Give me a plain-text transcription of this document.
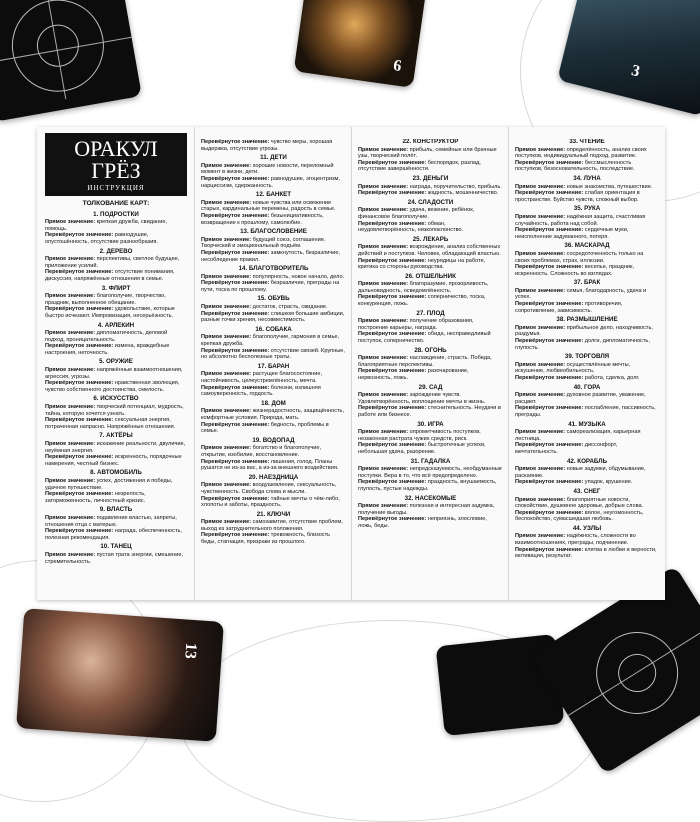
6	3
13
ОРАКУЛ ГРЁЗ
ИНСТРУКЦИЯ
ТОЛКОВАНИЕ КАРТ:
1. ПОДРОСТКИ
Прямое значение: крепкая дружба, свидание, помощь.
Перевёрнутое значение: равнодушие, опустошённость, отсутствие разнообразия.
2. ДЕРЕВО
Прямое значение: перспективы, светлое будущее, приложение усилий.
Перевёрнутое значение: отсутствие понимания, дискуссия, напряжённые отношения в семье.
3. ФЛИРТ
Прямое значение: благополучие, творчество, праздник, выполненное обещание.
Перевёрнутое значение: удовольствие, которые быстро исчезают. Импровизация, несерьёзность.
4. АРЛЕКИН
Прямое значение: дипломатичность, деловой подход, проницательность.
Перевёрнутое значение: измена, враждебные настроения, неточность.
5. ОРУЖИЕ
Прямое значение: напряжённые взаимоотношения, агрессия, угрозы.
Перевёрнутое значение: нравственная эволюция, чувство собственного достоинства, смелость.
6. ИСКУССТВО
Прямое значение: творческий потенциал, мудрость, тайна, которую хочется узнать.
Перевёрнутое значение: сексуальная энергия, потраченная напрасно. Напряжённые отношения.
7. АКТЁРЫ
Прямое значение: искажение реальности, двуличие, неуёмная энергия.
Перевёрнутое значение: искренность, порядочные намерения, честный бизнес.
8. АВТОМОБИЛЬ
Прямое значение: успех, достижения и победы, удачное путешествие.
Перевёрнутое значение: незрелость, заторможенность, личностный кризис.
9. ВЛАСТЬ
Прямое значение: подавление властью, запреты, отношения отца с матерью.
Перевёрнутое значение: награда, обеспеченность, полезная рекомендация.
10. ТАНЕЦ
Прямое значение: пустая трата энергии, смешение, стремительность.
Перевёрнутое значение: чувство меры, хорошая выдержка, отсутствие угрозы.
11. ДЕТИ
Прямое значение: хорошие новости, переломный момент в жизни, дети.
Перевёрнутое значение: равнодушие, эгоцентризм, нарциссизм, сдержанность.
12. БАНКЕТ
Прямое значение: новые чувства или освежение старых, кардинальные перемены, радость в семье.
Перевёрнутое значение: безынициативность, возвращение к прошлому, самолюбие.
13. БЛАГОСЛОВЕНИЕ
Прямое значение: будущий союз, соглашение. Творческий и эмоциональный подъём.
Перевёрнутое значение: замкнутость, безразличие, несобледение правил.
14. БЛАГОТВОРИТЕЛЬ
Прямое значение: популярность, новое начало, дело.
Перевёрнутое значение: безразличие, преграды на пути, тоска по прошлому.
15. ОБУВЬ
Прямое значение: достаток, страсть, свидание.
Перевёрнутое значение: слишком большие амбиции, разные точки зрения, несовместимость.
16. СОБАКА
Прямое значение: благополучие, гармония в семье, крепкая дружба.
Перевёрнутое значение: отсутствие связей. Крупные, но абсолютно бесполезные траты.
17. БАРАН
Прямое значение: растущее благосостояние, настойчивость, целеустремлённость, мечта.
Перевёрнутое значение: болезни, излишняя самоуверенность, гордость.
18. ДОМ
Прямое значение: жизнерадостность, защищённость, комфортные условия. Природа, мать.
Перевёрнутое значение: бедность, проблемы в семье.
19. ВОДОПАД
Прямое значение: богатство и благополучие, открытие, изобилие, восстановление.
Перевёрнутое значение: лишения, голод. Планы рушатся не из-за вас, а из-за внешнего воздействия.
20. НАЕЗДНИЦА
Прямое значение: воодушевление, сексуальность, чувственность. Свобода слова и мысли.
Перевёрнутое значение: тайные мечты о чём-либо, хлопоты и заботы, праздность.
21. КЛЮЧИ
Прямое значение: самозавитие, отсутствие проблем, выход из затруднительного положения.
Перевёрнутое значение: тревожность, близость беды, стагнация, призраки из прошлого.
22. КОНСТРУКТОР
Прямое значение: прибыль, семейные или брачные узы, творческий полёт.
Перевёрнутое значение: беспорядок, разлад, отсутствие завершённости.
23. ДЕНЬГИ
Прямое значение: награда, поручительство, прибыль.
Перевёрнутое значение: жадность, мошенничество.
24. СЛАДОСТИ
Прямое значение: удача, везение, ребёнок, финансовое благополучие.
Перевёрнутое значение: обман, неудовлетворённость, низкопоклонство.
25. ЛЕКАРЬ
Прямое значение: возрождение, анализ собственных действий и поступков. Человек, обладающий властью.
Перевёрнутое значение: неурядицы на работе, критика со стороны руководства.
26. ОТШЕЛЬНИК
Прямое значение: благоразумие, прозорливость, дальновидность, осведомлённость.
Перевёрнутое значение: соперничество, тоска, конкуренция, ложь.
27. ПЛОД
Прямое значение: получение образования, построение карьеры, награда.
Перевёрнутое значение: обида, несправедливый поступок, соперничество.
28. ОГОНЬ
Прямое значение: наслаждение, страсть. Победа, благоприятные перспективы.
Перевёрнутое значение: разочарование, нервозность, ложь.
29. САД
Прямое значение: зарождение чувств. Удовлетворённость, воплощение мечты в жизнь.
Перевёрнутое значение: стеснительность. Неудачи в работе или бизнесе.
30. ИГРА
Прямое значение: опрометчивость поступков, незаконная растрата чужих средств, риск.
Перевёрнутое значение: быстротечные успехи, небольшая удача, разорение.
31. ГАДАЛКА
Прямое значение: непредсказуемость, необдуманные поступки. Вера в то, что всё предопределено.
Перевёрнутое значение: праздность, внушаемость, глупость, пустые надежды.
32. НАСЕКОМЫЕ
Прямое значение: полезная и интересная задумка, получение выгоды.
Перевёрнутое значение: неприязнь, злословие, ложь, беды.
33. ЧТЕНИЕ
Прямое значение: определённость, анализ своих поступков, индивидуальный подход, развитие.
Перевёрнутое значение: бессмысленность поступков, безосновательность, последствие.
34. ЛУНА
Прямое значение: новые знакомства, путешествие.
Перевёрнутое значение: слабая ориентация в пространстве. Буйство чувств, сложный выбор.
35. РУКА
Прямое значение: надёжная защита, счастливая случайность, работа над собой.
Перевёрнутое значение: сердечные муки, неисполнение задуманного, потеря.
36. МАСКАРАД
Прямое значение: сосредоточенность только на своих проблемах, страх, иллюзии.
Перевёрнутое значение: веселье, праздник, искренность. Сложность во взглядах.
37. БРАК
Прямое значение: семья, благодарность, удача и успех.
Перевёрнутое значение: противоречия, сопротивление, зависимость.
38. РАЗМЫШЛЕНИЕ
Прямое значение: прибыльное дело, находчивость, раздумья.
Перевёрнутое значение: долги, дипломатичность, глупость.
39. ТОРГОВЛЯ
Прямое значение: осуществлённые мечты, искушение, любвеобильность.
Перевёрнутое значение: работа, сделка, долг.
40. ГОРА
Прямое значение: духовное развитие, уважение, расцвет.
Перевёрнутое значение: послабление, пассивность, преграды.
41. МУЗЫКА
Прямое значение: самореализация, карьерная лестница.
Перевёрнутое значение: диссонфорт, мечтательность.
42. КОРАБЛЬ
Прямое значение: новые задумки, обдумывание, раскаяние.
Перевёрнутое значение: упадок, крушение.
43. СНЕГ
Прямое значение: благоприятные новости, спокойствие, душевное здоровье, добрые слова.
Перевёрнутое значение: вялое, неугомонность, беспокойство, сумасшедшая любовь.
44. УЗЛЫ
Прямое значение: надёжность, сложности во взаимоотношениях, преграды, подчинение.
Перевёрнутое значение: клятва в любви и верности, мотивация, результат.
